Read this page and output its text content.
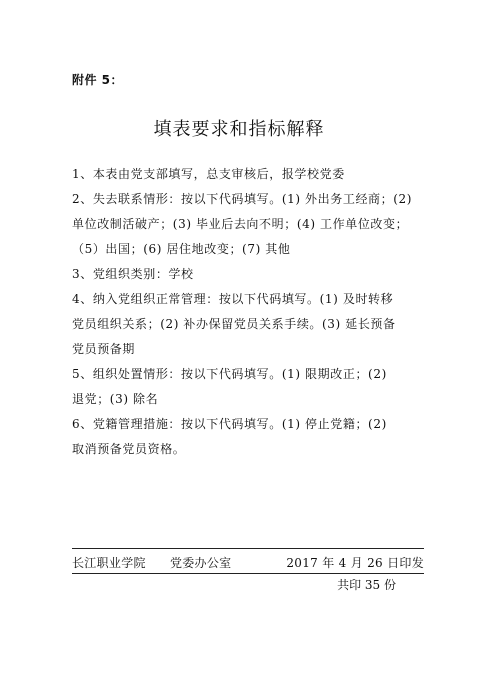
附件 5：
填表要求和指标解释
1、本表由党支部填写，总支审核后，报学校党委
2、失去联系情形：按以下代码填写。(1) 外出务工经商；(2)
单位改制活破产；(3) 毕业后去向不明；(4) 工作单位改变；
（5）出国；(6) 居住地改变；(7) 其他
3、党组织类别：学校
4、纳入党组织正常管理：按以下代码填写。(1) 及时转移
党员组织关系；(2) 补办保留党员关系手续。(3) 延长预备
党员预备期
5、组织处置情形：按以下代码填写。(1) 限期改正；(2)
退党；(3) 除名
6、党籍管理措施：按以下代码填写。(1) 停止党籍；(2)
取消预备党员资格。
长江职业学院 党委办公室	2017 年 4 月 26 日印发
共印 35 份
